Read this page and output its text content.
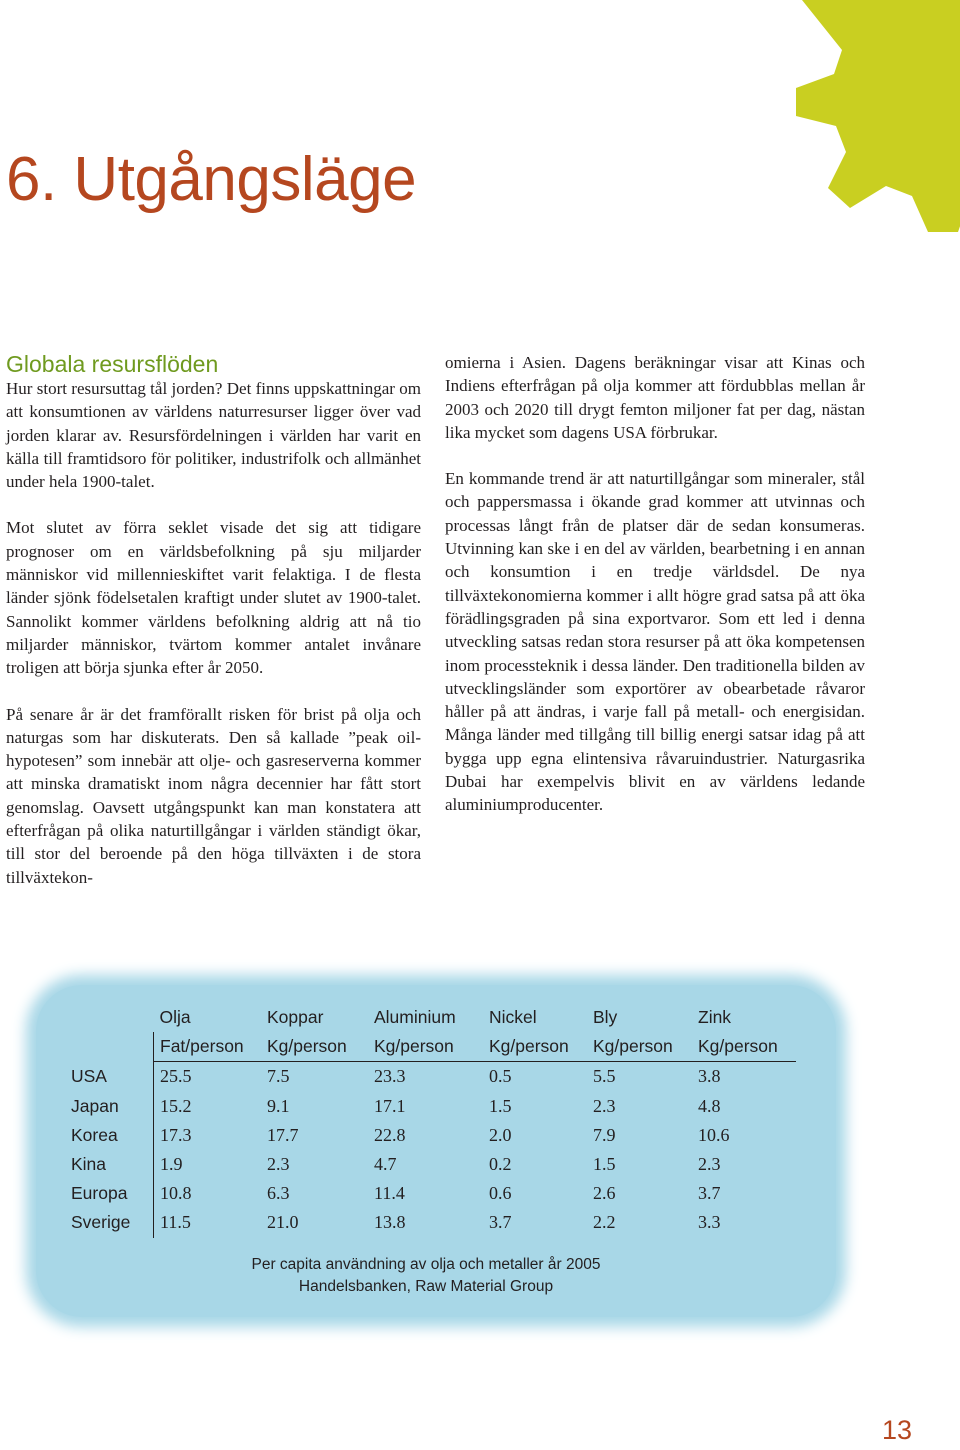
6. Utgångsläge
Globala resursflöden

Hur stort resursuttag tål jorden? Det finns uppskattningar om att konsumtionen av världens naturresurser ligger över vad jorden klarar av. Resursfördelningen i världen har varit en källa till framtidsoro för politiker, industrifolk och allmänhet under hela 1900-talet.

Mot slutet av förra seklet visade det sig att tidigare prognoser om en världsbefolkning på sju miljarder människor vid millennieskiftet varit felaktiga. I de flesta länder sjönk födelsetalen kraftigt under slutet av 1900-talet. Sannolikt kommer världens befolkning aldrig att nå tio miljarder människor, tvärtom kommer antalet invånare troligen att börja sjunka efter år 2050.

På senare år är det framförallt risken för brist på olja och naturgas som har diskuterats. Den så kallade ”peak oil-hypotesen” som innebär att olje- och gasreserverna kommer att minska dramatiskt inom några decennier har fått stort genomslag. Oavsett utgångspunkt kan man konstatera att efterfrågan på olika naturtillgångar i världen ständigt ökar, till stor del beroende på den höga tillväxten i de stora tillväxtekon-

omierna i Asien. Dagens beräkningar visar att Kinas och Indiens efterfrågan på olja kommer att fördubblas mellan år 2003 och 2020 till drygt femton miljoner fat per dag, nästan lika mycket som dagens USA förbrukar.

En kommande trend är att naturtillgångar som mineraler, stål och pappersmassa i ökande grad kommer att utvinnas och processas långt från de platser där de sedan konsumeras. Utvinning kan ske i en del av världen, bearbetning i en annan och konsumtion i en tredje världsdel. De nya tillväxtekonomierna kommer i allt högre grad satsa på att öka förädlingsgraden på sina exportvaror. Som ett led i denna utveckling satsas redan stora resurser på att öka kompetensen inom processteknik i dessa länder. Den traditionella bilden av utvecklingsländer som exportörer av obearbetade råvaror håller på att ändras, i varje fall på metall- och energisidan. Många länder med tillgång till billig energi satsar idag på att bygga upp egna elintensiva råvaruindustrier. Naturgasrika Dubai har exempelvis blivit en av världens ledande aluminiumproducenter.

	Olja	Koppar	Aluminium	Nickel	Bly	Zink
	Fat/person	Kg/person	Kg/person	Kg/person	Kg/person	Kg/person
USA	25.5	7.5	23.3	0.5	5.5	3.8
Japan	15.2	9.1	17.1	1.5	2.3	4.8
Korea	17.3	17.7	22.8	2.0	7.9	10.6
Kina	1.9	2.3	4.7	0.2	1.5	2.3
Europa	10.8	6.3	11.4	0.6	2.6	3.7
Sverige	11.5	21.0	13.8	3.7	2.2	3.3
Per capita användning av olja och metaller år 2005
Handelsbanken, Raw Material Group
13
